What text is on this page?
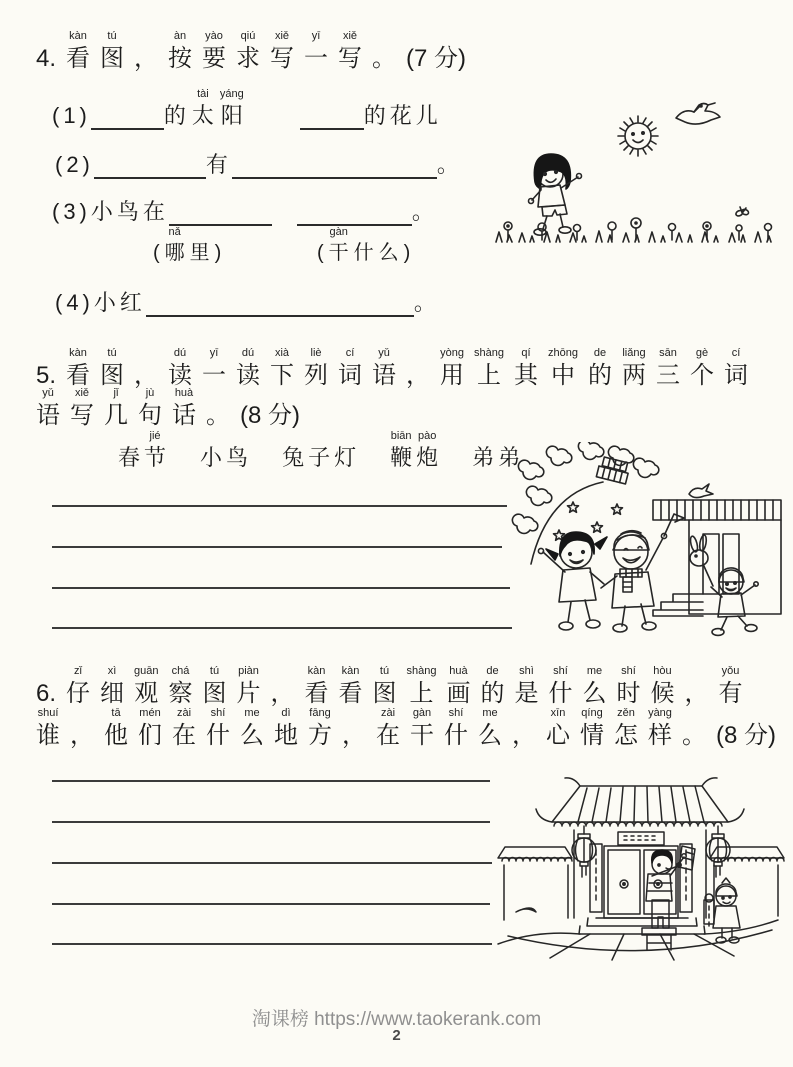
4.
kàn
看
tú
图
，
àn
按
yào
要
qiú
求
xiě
写
yī
一
xiě
写
。
(7 分)
(1)
	的
tài
太
yáng
阳	的花儿
(2)	有	。
(3) 小鸟在	。

(
nǎ
哪
里
)
	(
gàn
干
什
么
)
(4) 小红	。

5.
kàn
看
tú
图
，
dú
读
yī
一
dú
读
xià
下
liè
列
cí
词
yǔ
语
，
yòng
用
shàng
上
qí
其
zhōng
中
de
的
liǎng
两
sān
三
gè
个
cí
词
yǔ
语
xiě
写
jǐ
几
jù
句
huà
话
。
(8 分)

春
jié
节
小
鸟
兔
子
灯
biān
鞭
pào
炮
弟
弟

6.
zǐ
仔
xì
细
guān
观
chá
察
tú
图
piàn
片
，
kàn
看
kàn
看
tú
图
shàng
上
huà
画
de
的
shì
是
shí
什
me
么
shí
时
hòu
候
，
yǒu
有
shuí
谁
，
tā
他
mén
们
zài
在
shí
什
me
么
dì
地
fāng
方
，
zài
在
gàn
干
shí
什
me
么
，
xīn
心
qíng
情
zěn
怎
yàng
样
。
(8 分)
淘课榜 https://www.taokerank.com
2
